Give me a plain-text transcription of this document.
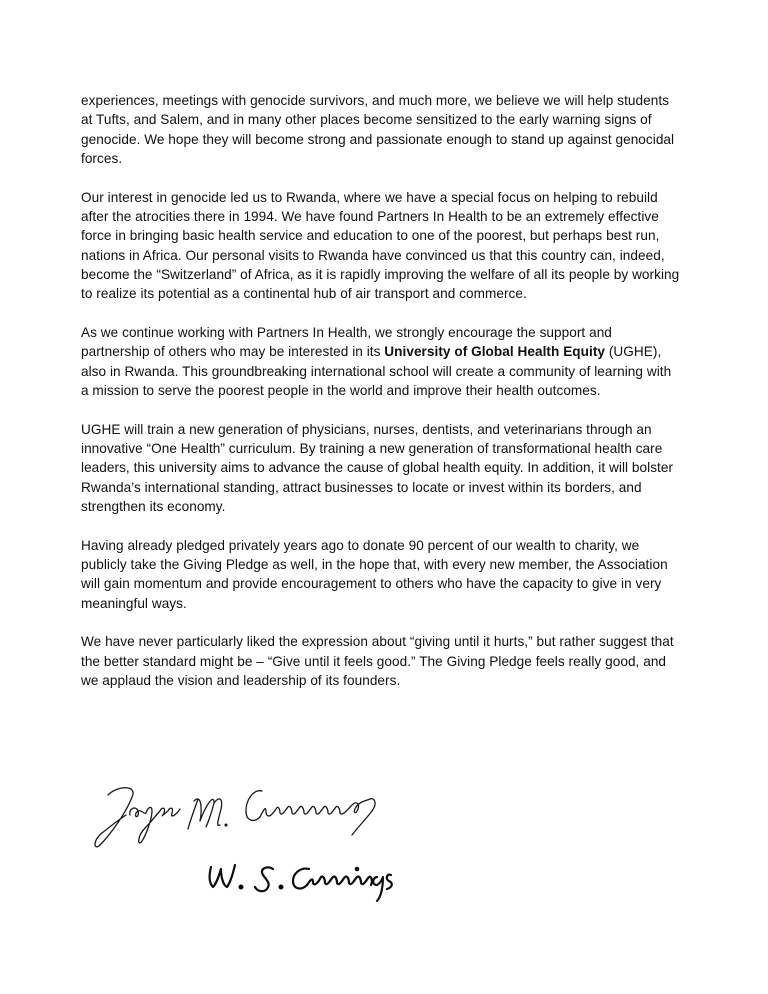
experiences, meetings with genocide survivors, and much more, we believe we will help students at Tufts, and Salem, and in many other places become sensitized to the early warning signs of genocide. We hope they will become strong and passionate enough to stand up against genocidal forces.

Our interest in genocide led us to Rwanda, where we have a special focus on helping to rebuild after the atrocities there in 1994. We have found Partners In Health to be an extremely effective force in bringing basic health service and education to one of the poorest, but perhaps best run, nations in Africa. Our personal visits to Rwanda have convinced us that this country can, indeed, become the “Switzerland” of Africa, as it is rapidly improving the welfare of all its people by working to realize its potential as a continental hub of air transport and commerce.

As we continue working with Partners In Health, we strongly encourage the support and partnership of others who may be interested in its University of Global Health Equity (UGHE), also in Rwanda. This groundbreaking international school will create a community of learning with a mission to serve the poorest people in the world and improve their health outcomes.

UGHE will train a new generation of physicians, nurses, dentists, and veterinarians through an innovative “One Health” curriculum. By training a new generation of transformational health care leaders, this university aims to advance the cause of global health equity. In addition, it will bolster Rwanda’s international standing, attract businesses to locate or invest within its borders, and strengthen its economy.

Having already pledged privately years ago to donate 90 percent of our wealth to charity, we publicly take the Giving Pledge as well, in the hope that, with every new member, the Association will gain momentum and provide encouragement to others who have the capacity to give in very meaningful ways.

We have never particularly liked the expression about “giving until it hurts,” but rather suggest that the better standard might be – “Give until it feels good.” The Giving Pledge feels really good, and we applaud the vision and leadership of its founders.
